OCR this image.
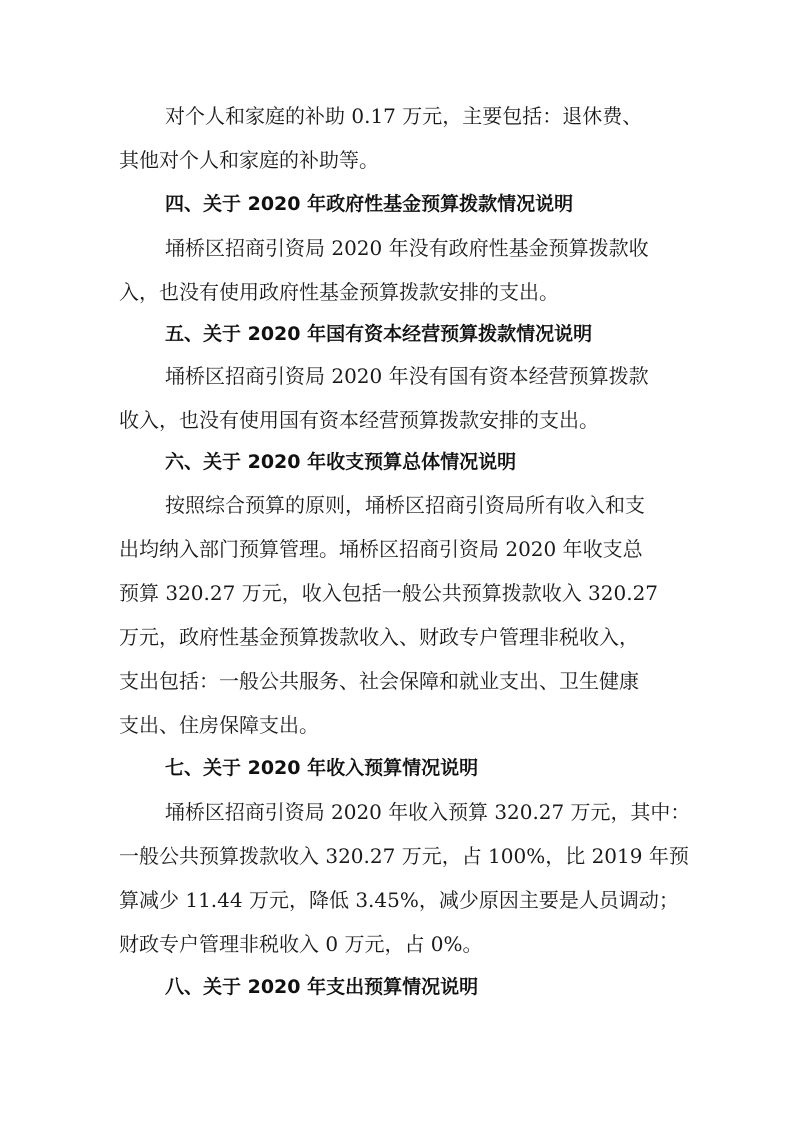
对个人和家庭的补助 0.17 万元，主要包括：退休费、
其他对个人和家庭的补助等。
四、关于 2020 年政府性基金预算拨款情况说明
埇桥区招商引资局 2020 年没有政府性基金预算拨款收
入，也没有使用政府性基金预算拨款安排的支出。
五、关于 2020 年国有资本经营预算拨款情况说明
埇桥区招商引资局 2020 年没有国有资本经营预算拨款
收入，也没有使用国有资本经营预算拨款安排的支出。
六、关于 2020 年收支预算总体情况说明
按照综合预算的原则，埇桥区招商引资局所有收入和支
出均纳入部门预算管理。埇桥区招商引资局 2020 年收支总
预算 320.27 万元，收入包括一般公共预算拨款收入 320.27
万元，政府性基金预算拨款收入、财政专户管理非税收入，
支出包括：一般公共服务、社会保障和就业支出、卫生健康
支出、住房保障支出。
七、关于 2020 年收入预算情况说明
埇桥区招商引资局 2020 年收入预算 320.27 万元，其中：
一般公共预算拨款收入 320.27 万元，占 100%，比 2019 年预
算减少 11.44 万元，降低 3.45%，减少原因主要是人员调动；
财政专户管理非税收入 0 万元，占 0%。
八、关于 2020 年支出预算情况说明
